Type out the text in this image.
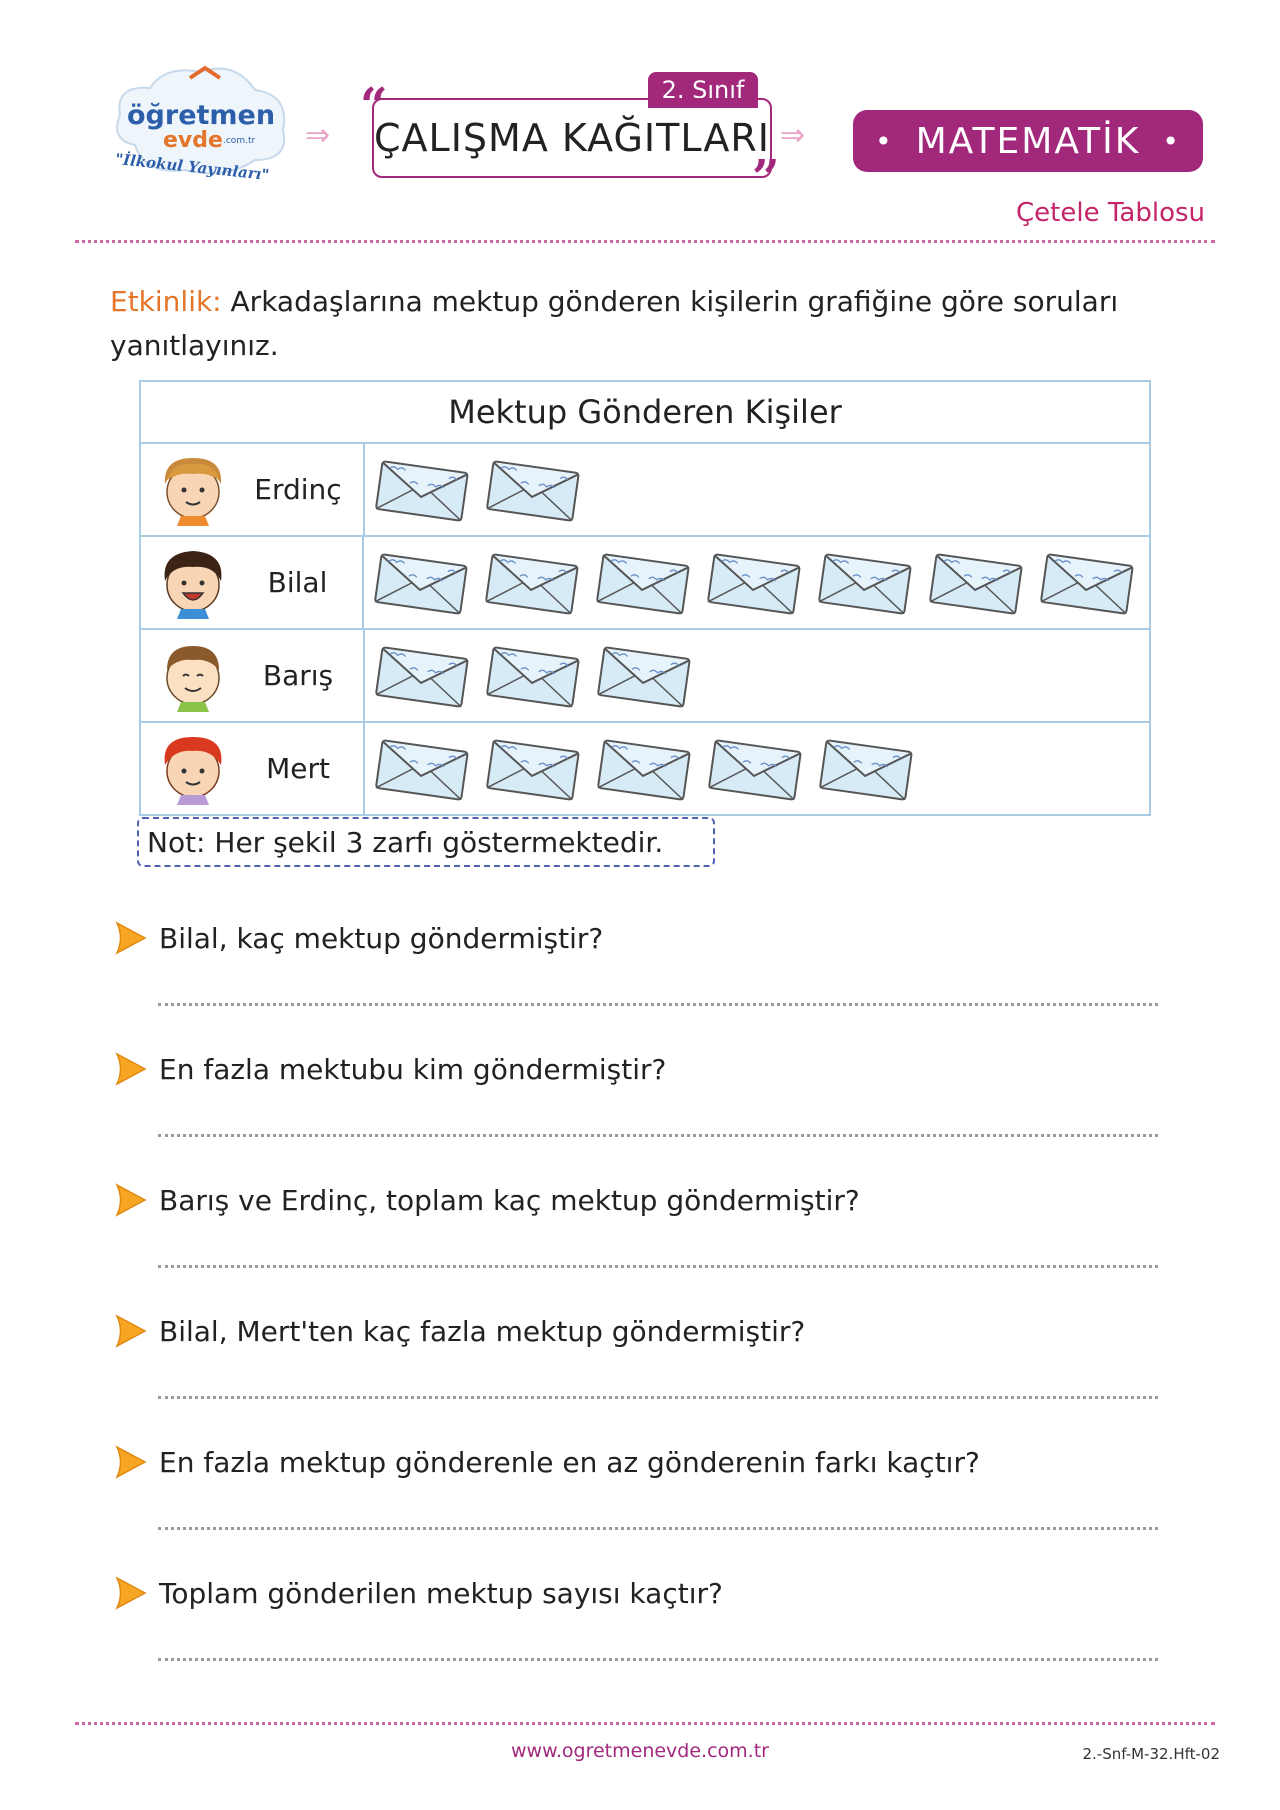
öğretmen
evde .com.tr
"İlkokul Yayınları"
⇒
2. Sınıf
“
ÇALIŞMA KAĞITLARI
”
⇒ • MATEMATİK •
Çetele Tablosu
Etkinlik: Arkadaşlarına mektup gönderen kişilerin grafiğine göre soruları yanıtlayınız.
Mektup Gönderen Kişiler
Erdinç
Bilal
Barış
Mert
Not: Her şekil 3 zarfı göstermektedir.
Bilal, kaç mektup göndermiştir?
En fazla mektubu kim göndermiştir?
Barış ve Erdinç, toplam kaç mektup göndermiştir?
Bilal, Mert'ten kaç fazla mektup göndermiştir?
En fazla mektup gönderenle en az gönderenin farkı kaçtır?
Toplam gönderilen mektup sayısı kaçtır?
www.ogretmenevde.com.tr	2.-Snf-M-32.Hft-02
